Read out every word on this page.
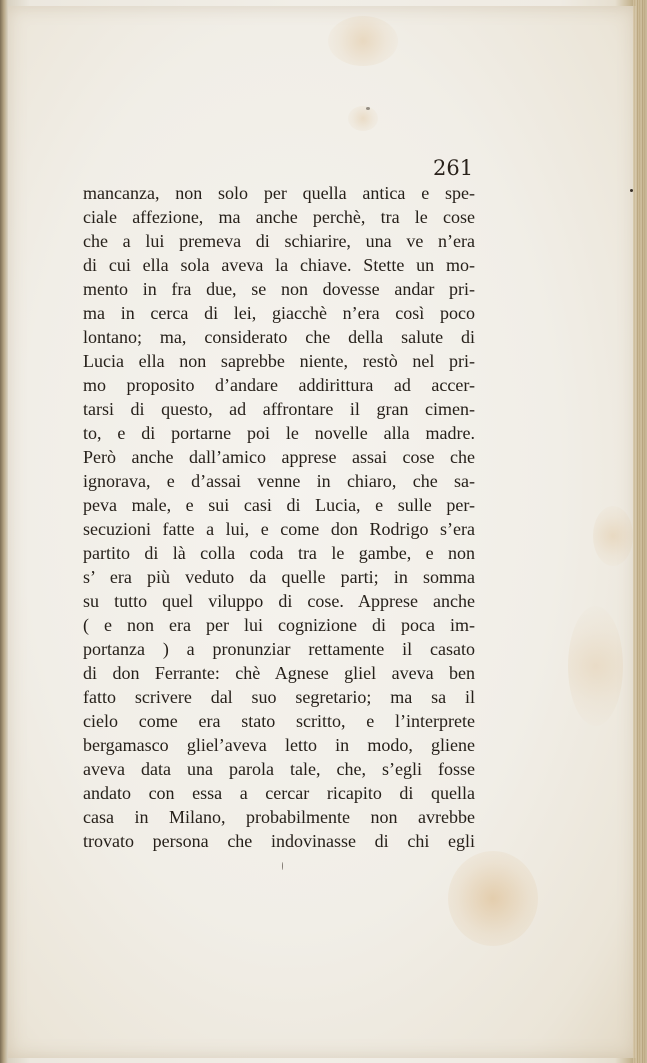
261
mancanza, non solo per quella antica e spe-
ciale affezione, ma anche perchè, tra le cose
che a lui premeva di schiarire, una ve n’era
di cui ella sola aveva la chiave. Stette un mo-
mento in fra due, se non dovesse andar pri-
ma in cerca di lei, giacchè n’era così poco
lontano; ma, considerato che della salute di
Lucia ella non saprebbe niente, restò nel pri-
mo proposito d’andare addirittura ad accer-
tarsi di questo, ad affrontare il gran cimen-
to, e di portarne poi le novelle alla madre.
Però anche dall’amico apprese assai cose che
ignorava, e d’assai venne in chiaro, che sa-
peva male, e sui casi di Lucia, e sulle per-
secuzioni fatte a lui, e come don Rodrigo s’era
partito di là colla coda tra le gambe, e non
s’ era più veduto da quelle parti; in somma
su tutto quel viluppo di cose. Apprese anche
( e non era per lui cognizione di poca im-
portanza ) a pronunziar rettamente il casato
di don Ferrante: chè Agnese gliel aveva ben
fatto scrivere dal suo segretario; ma sa il
cielo come era stato scritto, e l’interprete
bergamasco gliel’aveva letto in modo, gliene
aveva data una parola tale, che, s’egli fosse
andato con essa a cercar ricapito di quella
casa in Milano, probabilmente non avrebbe
trovato persona che indovinasse di chi egli
